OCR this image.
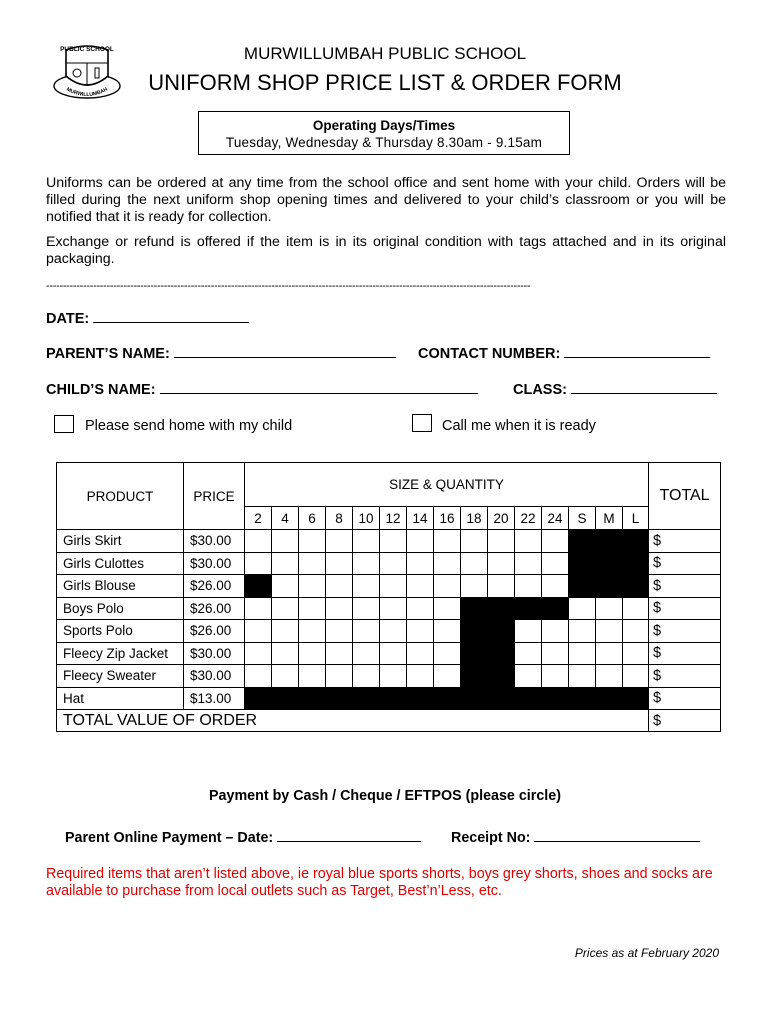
PUBLIC SCHOOL
MURWILLUMBAH
MURWILLUMBAH PUBLIC SCHOOL
UNIFORM SHOP PRICE LIST & ORDER FORM
Operating Days/Times
Tuesday, Wednesday & Thursday 8.30am - 9.15am
Uniforms can be ordered at any time from the school office and sent home with your child. Orders will be filled during the next uniform shop opening times and delivered to your child’s classroom or you will be notified that it is ready for collection.
Exchange or refund is offered if the item is in its original condition with tags attached and in its original packaging.
------------------------------------------------------------------------------------------------------------------------------------------------
DATE:
PARENT’S NAME:	CONTACT NUMBER:
CHILD’S NAME:	CLASS:
Please send home with my child	Call me when it is ready
PRODUCT	PRICE	SIZE & QUANTITY															TOTAL
		2	4	6	8	10	12	14	16	18	20	22	24	S	M	L	
Girls Skirt	$30.00																$
Girls Culottes	$30.00																$
Girls Blouse	$26.00																$
Boys Polo	$26.00																$
Sports Polo	$26.00																$
Fleecy Zip Jacket	$30.00																$
Fleecy Sweater	$30.00																$
Hat	$13.00																$
TOTAL VALUE OF ORDER																	$
Payment by Cash / Cheque / EFTPOS (please circle)
Parent Online Payment – Date:	Receipt No:
Required items that aren’t listed above, ie royal blue sports shorts, boys grey shorts, shoes and socks are available to purchase from local outlets such as Target, Best’n’Less, etc.
Prices as at February 2020
